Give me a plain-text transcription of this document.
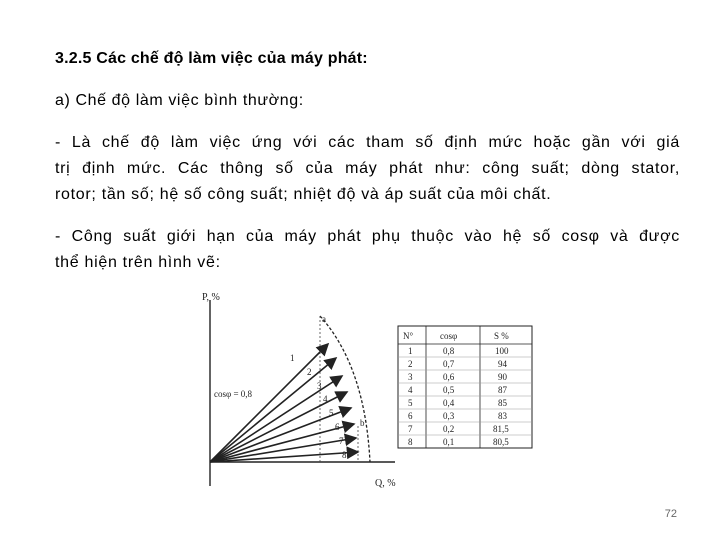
3.2.5 Các chế độ làm việc của máy phát:
a) Chế độ làm việc bình thường:
- Là chế độ làm việc ứng với các tham số định mức hoặc gần với giá
trị định mức. Các thông số của máy phát như: công suất; dòng stator,
rotor; tần số; hệ số công suất; nhiệt độ và áp suất của môi chất.
- Công suất giới hạn của máy phát phụ thuộc vào hệ số cosφ và được
thể hiện trên hình vẽ:
P, %
Q, %
a
b
1
2
3
4
5
6
7
8
cosφ = 0,8
N°	cosφ	S %
1	0,8	100
2	0,7	94
3	0,6	90
4	0,5	87
5	0,4	85
6	0,3	83
7	0,2	81,5
8	0,1	80,5
72
